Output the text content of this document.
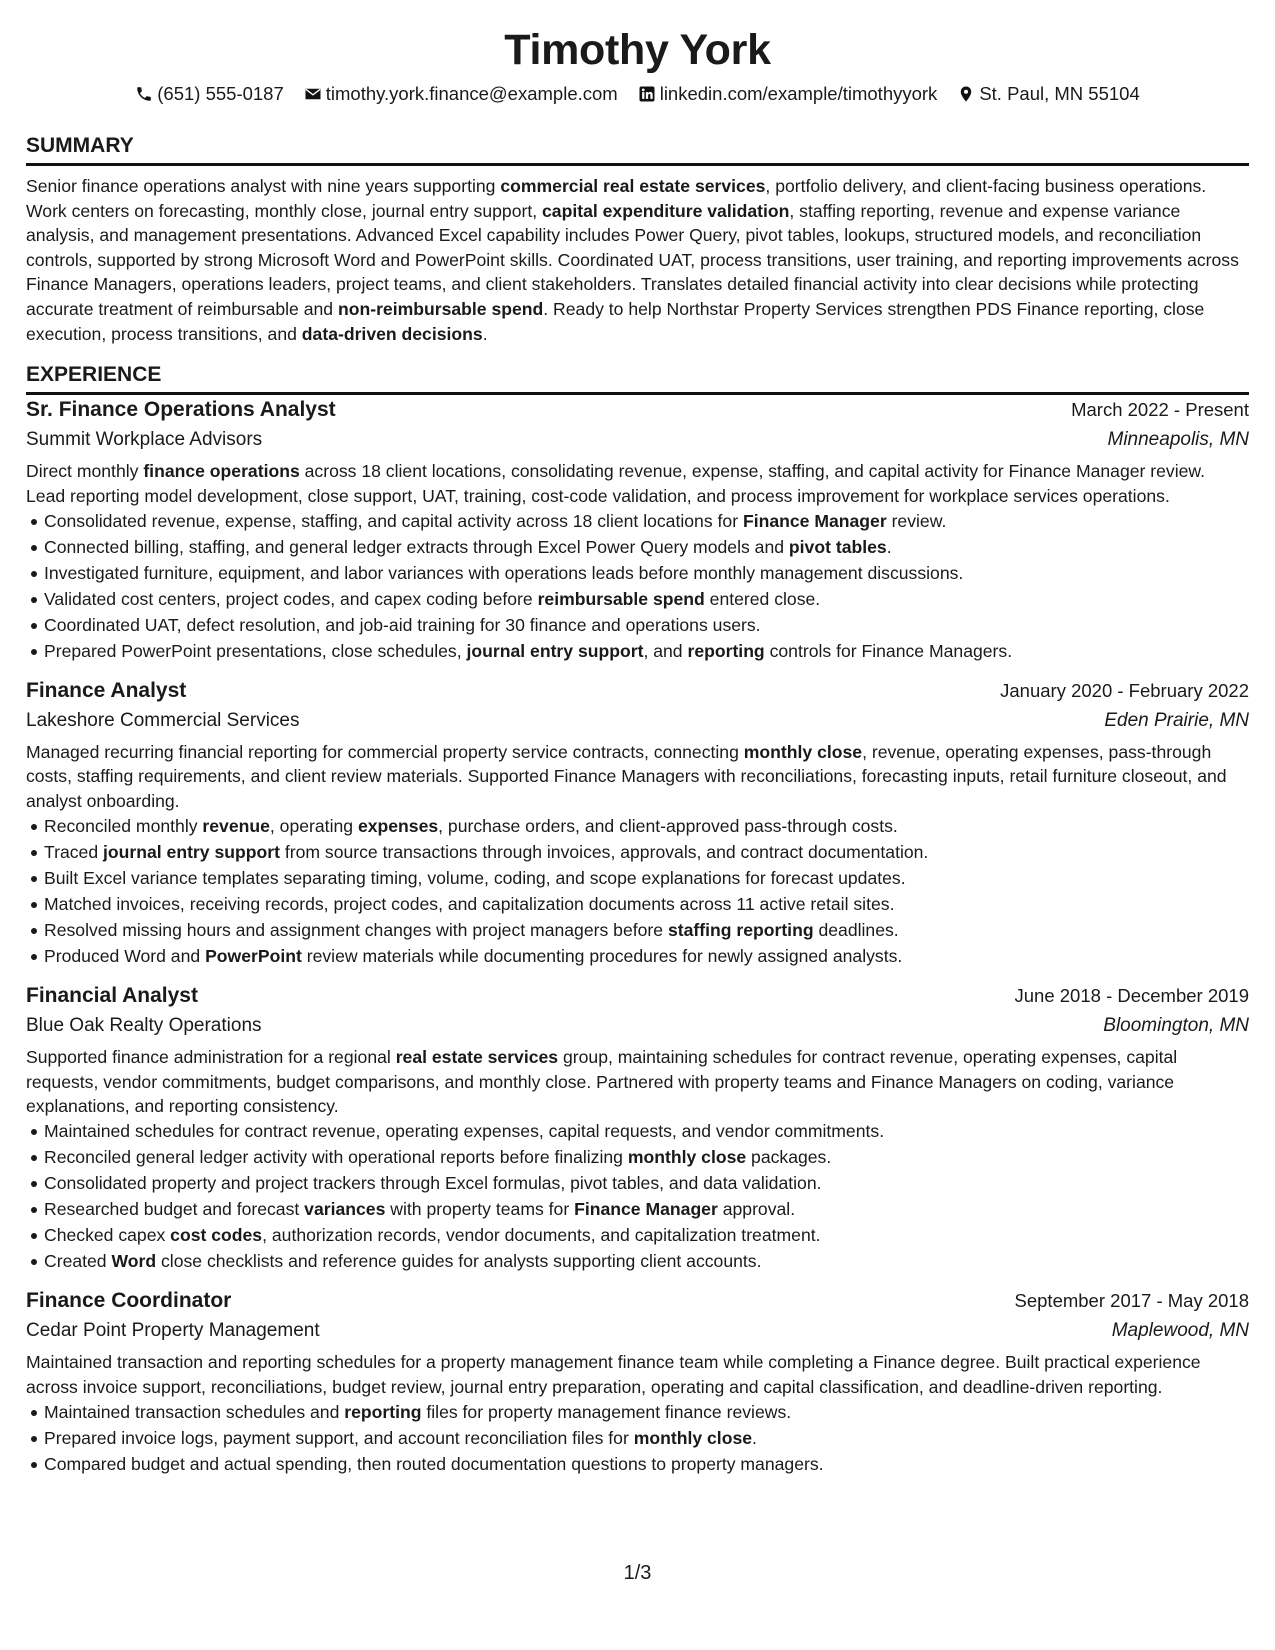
Timothy York
(651) 555-0187 timothy.york.finance@example.com linkedin.com/example/timothyyork St. Paul, MN 55104
SUMMARY

Senior finance operations analyst with nine years supporting commercial real estate services, portfolio delivery, and client-facing business operations. Work centers on forecasting, monthly close, journal entry support, capital expenditure validation, staffing reporting, revenue and expense variance analysis, and management presentations. Advanced Excel capability includes Power Query, pivot tables, lookups, structured models, and reconciliation controls, supported by strong Microsoft Word and PowerPoint skills. Coordinated UAT, process transitions, user training, and reporting improvements across Finance Managers, operations leaders, project teams, and client stakeholders. Translates detailed financial activity into clear decisions while protecting accurate treatment of reimbursable and non-reimbursable spend. Ready to help Northstar Property Services strengthen PDS Finance reporting, close execution, process transitions, and data-driven decisions.

EXPERIENCE
Sr. Finance Operations Analyst	March 2022 - Present
Summit Workplace Advisors	Minneapolis, MN

Direct monthly finance operations across 18 client locations, consolidating revenue, expense, staffing, and capital activity for Finance Manager review. Lead reporting model development, close support, UAT, training, cost-code validation, and process improvement for workplace services operations.

Consolidated revenue, expense, staffing, and capital activity across 18 client locations for Finance Manager review.
Connected billing, staffing, and general ledger extracts through Excel Power Query models and pivot tables.
Investigated furniture, equipment, and labor variances with operations leads before monthly management discussions.
Validated cost centers, project codes, and capex coding before reimbursable spend entered close.
Coordinated UAT, defect resolution, and job-aid training for 30 finance and operations users.
Prepared PowerPoint presentations, close schedules, journal entry support, and reporting controls for Finance Managers.
Finance Analyst	January 2020 - February 2022
Lakeshore Commercial Services	Eden Prairie, MN

Managed recurring financial reporting for commercial property service contracts, connecting monthly close, revenue, operating expenses, pass-through costs, staffing requirements, and client review materials. Supported Finance Managers with reconciliations, forecasting inputs, retail furniture closeout, and analyst onboarding.

Reconciled monthly revenue, operating expenses, purchase orders, and client-approved pass-through costs.
Traced journal entry support from source transactions through invoices, approvals, and contract documentation.
Built Excel variance templates separating timing, volume, coding, and scope explanations for forecast updates.
Matched invoices, receiving records, project codes, and capitalization documents across 11 active retail sites.
Resolved missing hours and assignment changes with project managers before staffing reporting deadlines.
Produced Word and PowerPoint review materials while documenting procedures for newly assigned analysts.
Financial Analyst	June 2018 - December 2019
Blue Oak Realty Operations	Bloomington, MN

Supported finance administration for a regional real estate services group, maintaining schedules for contract revenue, operating expenses, capital requests, vendor commitments, budget comparisons, and monthly close. Partnered with property teams and Finance Managers on coding, variance explanations, and reporting consistency.

Maintained schedules for contract revenue, operating expenses, capital requests, and vendor commitments.
Reconciled general ledger activity with operational reports before finalizing monthly close packages.
Consolidated property and project trackers through Excel formulas, pivot tables, and data validation.
Researched budget and forecast variances with property teams for Finance Manager approval.
Checked capex cost codes, authorization records, vendor documents, and capitalization treatment.
Created Word close checklists and reference guides for analysts supporting client accounts.
Finance Coordinator	September 2017 - May 2018
Cedar Point Property Management	Maplewood, MN

Maintained transaction and reporting schedules for a property management finance team while completing a Finance degree. Built practical experience across invoice support, reconciliations, budget review, journal entry preparation, operating and capital classification, and deadline-driven reporting.

Maintained transaction schedules and reporting files for property management finance reviews.
Prepared invoice logs, payment support, and account reconciliation files for monthly close.
Compared budget and actual spending, then routed documentation questions to property managers.
1/3
